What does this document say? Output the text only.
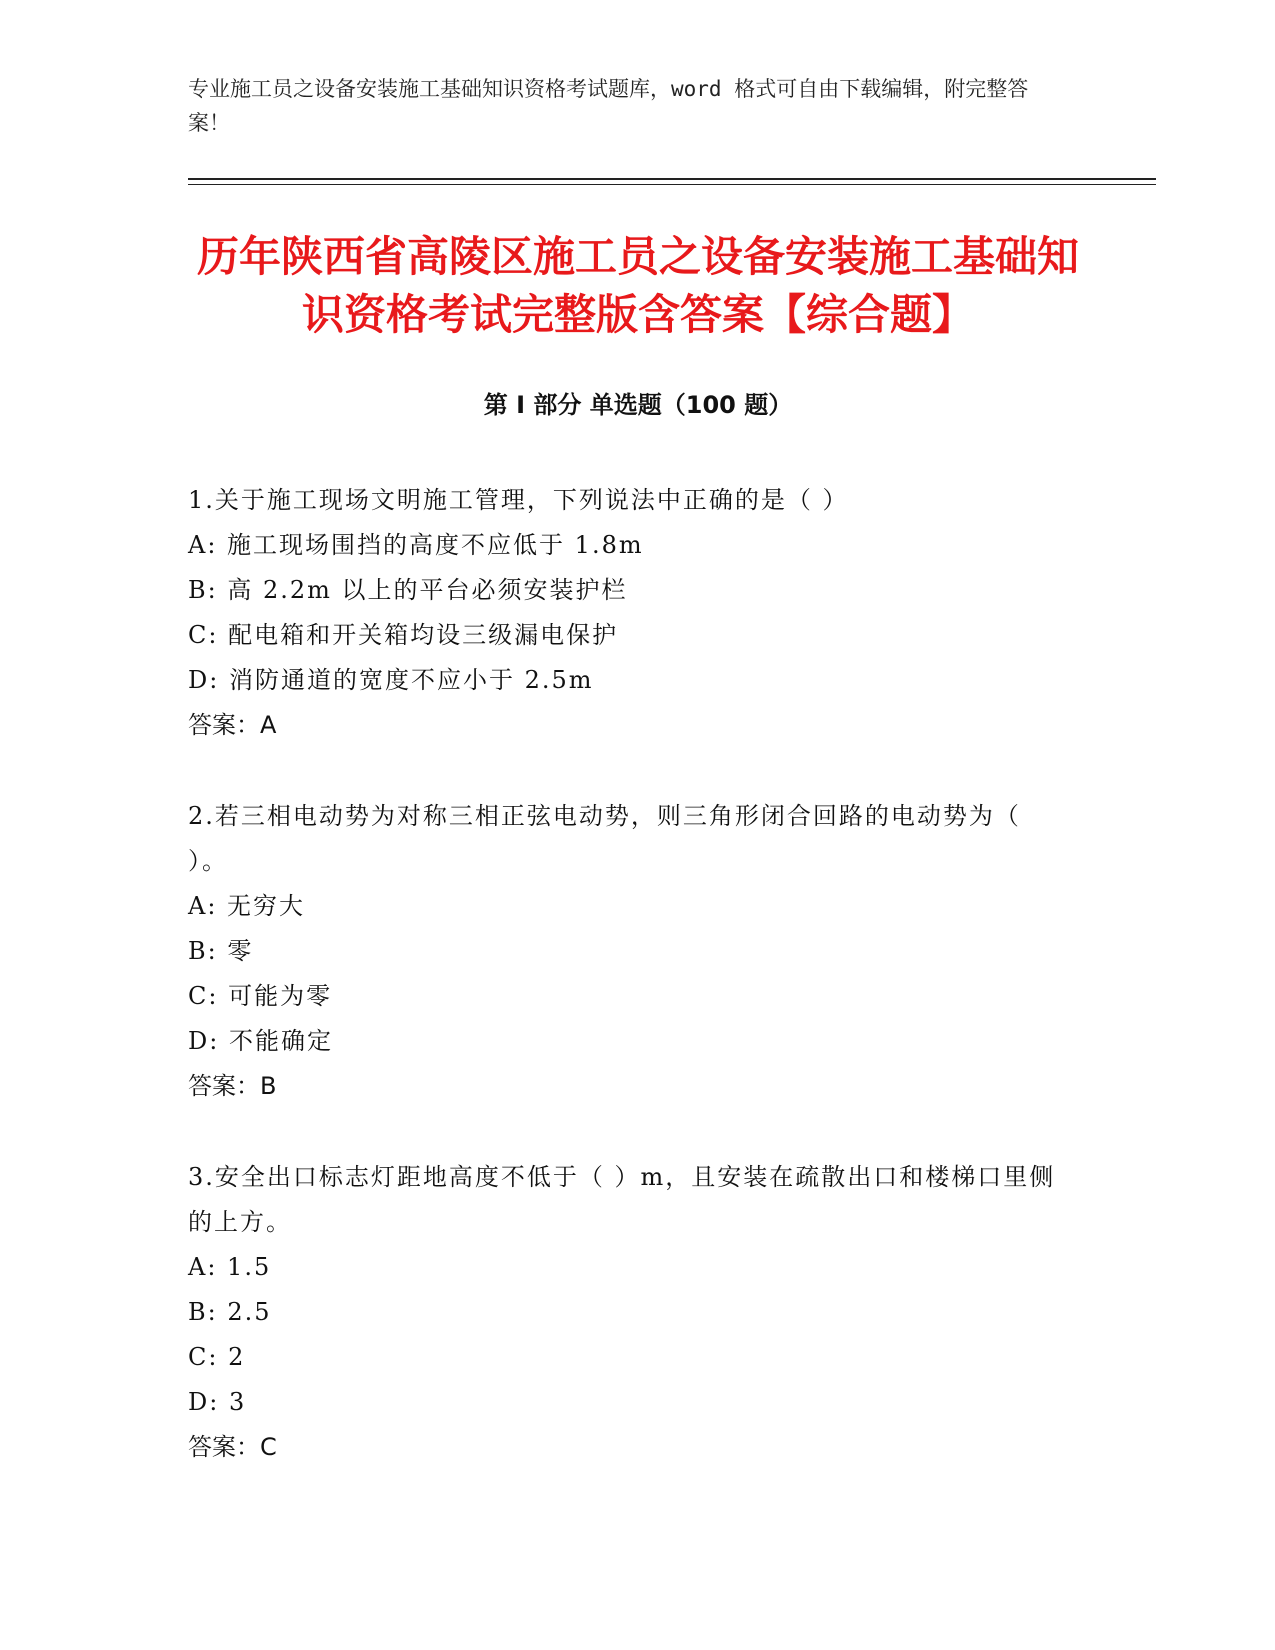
专业施工员之设备安装施工基础知识资格考试题库，word 格式可自由下载编辑，附完整答案！
历年陕西省高陵区施工员之设备安装施工基础知识资格考试完整版含答案【综合题】
第 I 部分 单选题（100 题）
1.关于施工现场文明施工管理，下列说法中正确的是（ ）
A: 施工现场围挡的高度不应低于 1.8m
B: 高 2.2m 以上的平台必须安装护栏
C: 配电箱和开关箱均设三级漏电保护
D: 消防通道的宽度不应小于 2.5m
答案：A
2.若三相电动势为对称三相正弦电动势，则三角形闭合回路的电动势为（ ）。
A: 无穷大
B: 零
C: 可能为零
D: 不能确定
答案：B
3.安全出口标志灯距地高度不低于（ ）m，且安装在疏散出口和楼梯口里侧的上方。
A: 1.5
B: 2.5
C: 2
D: 3
答案：C
